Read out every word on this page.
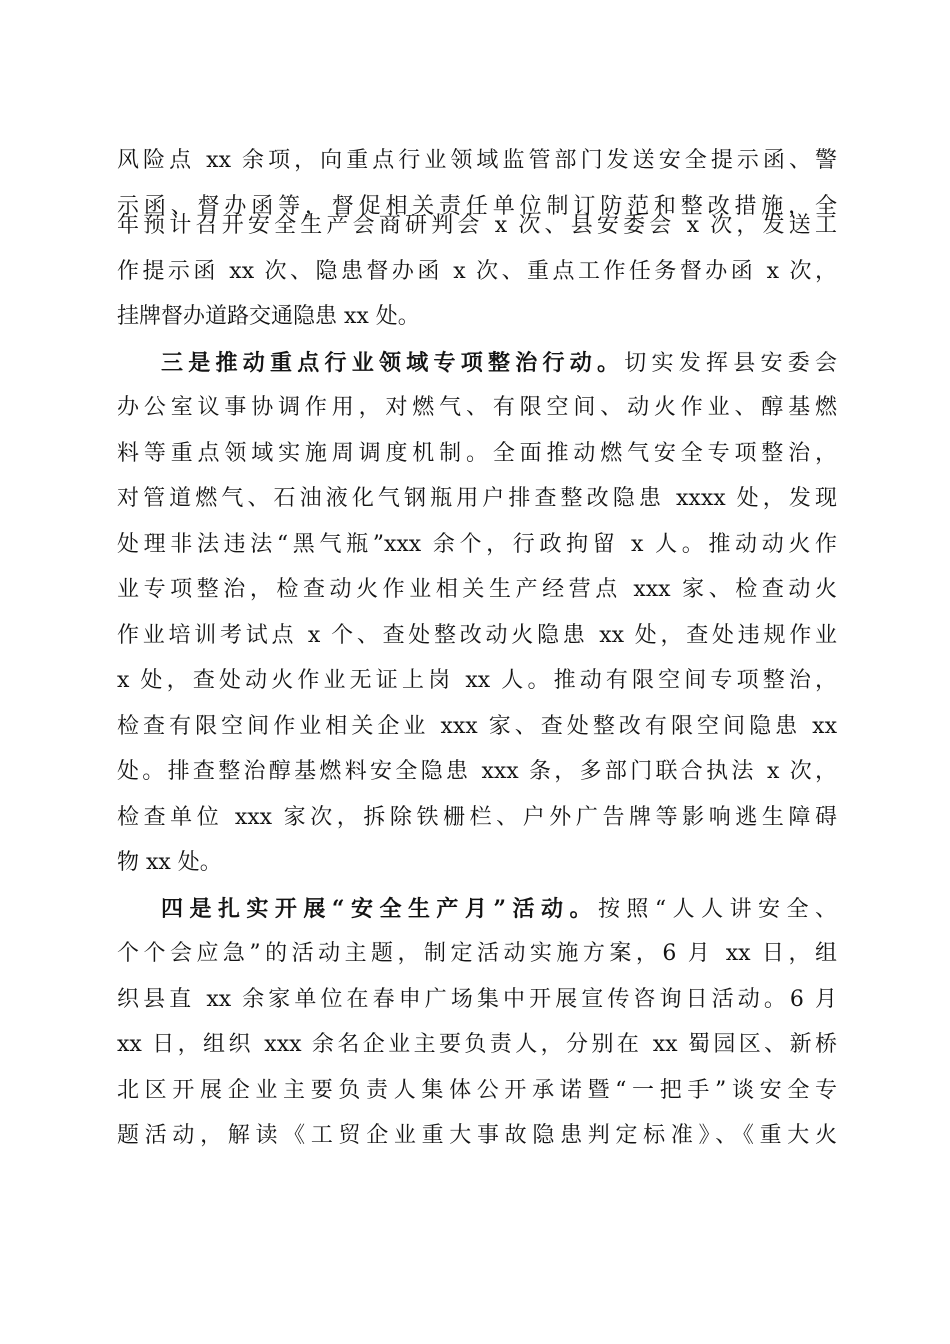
风险点 xx 余项，向重点行业领域监管部门发送安全提示函、警
示函、督办函等，督促相关责任单位制订防范和整改措施，全
年预计召开安全生产会商研判会 x 次、县安委会 x 次，发送工
作提示函 xx 次、隐患督办函 x 次、重点工作任务督办函 x 次，
挂牌督办道路交通隐患 xx 处。
三是推动重点行业领域专项整治行动。切实发挥县安委会
办公室议事协调作用，对燃气、有限空间、动火作业、醇基燃
料等重点领域实施周调度机制。全面推动燃气安全专项整治，
对管道燃气、石油液化气钢瓶用户排查整改隐患 xxxx 处，发现
处理非法违法“黑气瓶”xxx 余个，行政拘留 x 人。推动动火作
业专项整治，检查动火作业相关生产经营点 xxx 家、检查动火
作业培训考试点 x 个、查处整改动火隐患 xx 处，查处违规作业
x 处，查处动火作业无证上岗 xx 人。推动有限空间专项整治，
检查有限空间作业相关企业 xxx 家、查处整改有限空间隐患 xx
处。排查整治醇基燃料安全隐患 xxx 条，多部门联合执法 x 次，
检查单位 xxx 家次，拆除铁栅栏、户外广告牌等影响逃生障碍
物 xx 处。
四是扎实开展“安全生产月”活动。按照“人人讲安全、
个个会应急”的活动主题，制定活动实施方案，6 月 xx 日，组
织县直 xx 余家单位在春申广场集中开展宣传咨询日活动。6 月
xx 日，组织 xxx 余名企业主要负责人，分别在 xx 蜀园区、新桥
北区开展企业主要负责人集体公开承诺暨“一把手”谈安全专
题活动，解读《工贸企业重大事故隐患判定标准》、《重大火
